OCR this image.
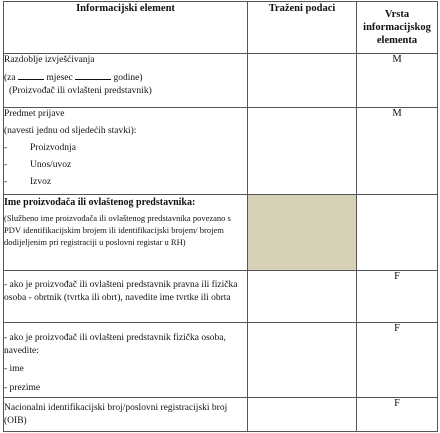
Informacijski element	Traženi podaci	Vrsta informacijskog elementa

Razdoblje izvješćivanja
(za mjesec godine)
(Proizvođač ili ovlašteni predstavnik)		M

Predmet prijave
(navesti jednu od sljedećih stavki):
- Proizvodnja
- Unos/uvoz
- Izvoz		M

Ime proizvođača ili ovlaštenog predstavnika:
(Službeno ime proizvođača ili ovlaštenog predstavnika povezano s PDV identifikacijskim brojem ili identifikacijski brojem/ brojem dodijeljenim pri registraciji u poslovni registar u RH)		

- ako je proizvođač ili ovlašteni predstavnik pravna ili fizička osoba - obrtnik (tvrtka ili obrt), navedite ime tvrtke ili obrta		F

- ako je proizvođač ili ovlašteni predstavnik fizička osoba, navedite:
- ime
- prezime		F
Nacionalni identifikacijski broj/poslovni registracijski broj (OIB)		F
